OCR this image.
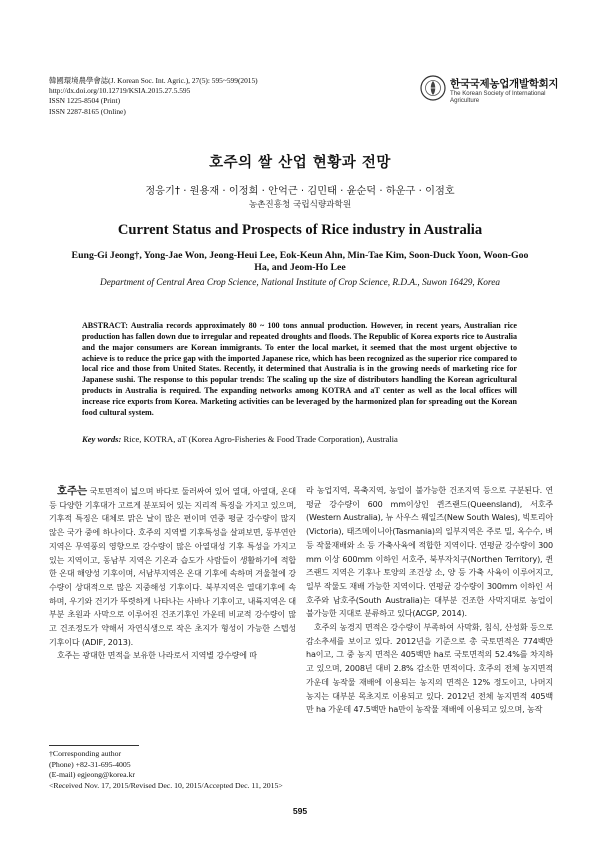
韓國環境農學會誌(J. Korean Soc. Int. Agric.), 27(5): 595~599(2015)
http://dx.doi.org/10.12719/KSIA.2015.27.5.595
ISSN 1225-8504 (Print)
ISSN 2287-8165 (Online)
한국국제농업개발학회지
The Korean Society of International Agriculture
호주의 쌀 산업 현황과 전망
정응기† · 원용재 · 이정희 · 안억근 · 김민태 · 윤순덕 · 하운구 · 이점호
농촌진흥청 국립식량과학원
Current Status and Prospects of Rice industry in Australia
Eung-Gi Jeong†, Yong-Jae Won, Jeong-Heui Lee, Eok-Keun Ahn, Min-Tae Kim, Soon-Duck Yoon, Woon-Goo Ha, and Jeom-Ho Lee
Department of Central Area Crop Science, National Institute of Crop Science, R.D.A., Suwon 16429, Korea
ABSTRACT: Australia records approximately 80 ~ 100 tons annual production. However, in recent years, Australian rice production has fallen down due to irregular and repeated droughts and floods. The Republic of Korea exports rice to Australia and the major consumers are Korean immigrants. To enter the local market, it seemed that the most urgent objective to achieve is to reduce the price gap with the imported Japanese rice, which has been recognized as the superior rice compared to local rice and those from United States. Recently, it determined that Australia is in the growing needs of marketing rice for Japanese sushi. The response to this popular trends: The scaling up the size of distributors handling the Korean agricultural products in Australia is required. The expanding networks among KOTRA and aT center as well as the local offices will increase rice exports from Korea. Marketing activities can be leveraged by the harmonized plan for spreading out the Korean food cultural system.
Key words: Rice, KOTRA, aT (Korea Agro-Fisheries & Food Trade Corporation), Australia

호주는 국토면적이 넓으며 바다로 둘러싸여 있어 열대, 아열대, 온대 등 다양한 기후대가 고르게 분포되어 있는 지리적 특징을 가지고 있으며, 기후적 특징은 대체로 맑은 날이 많은 편이며 연중 평균 강수량이 많지 않은 국가 중에 하나이다. 호주의 지역별 기후특성을 살펴보면, 동부연안 지역은 무역풍의 영향으로 강수량이 많은 아열대성 기후 특성을 가지고 있는 지역이고, 동남부 지역은 기온과 습도가 사람들이 생활하기에 적합한 온대 해양성 기후이며, 서남부지역은 온대 기후에 속하며 겨울철에 강수량이 상대적으로 많은 지중해성 기후이다. 북부지역은 열대기후에 속하며, 우기와 건기가 뚜렷하게 나타나는 사바나 기후이고, 내륙지역은 대부분 초원과 사막으로 이루어진 건조기후인 가운데 비교적 강수량이 많고 건조정도가 약해서 자연식생으로 작은 초지가 형성이 가능한 스텝성 기후이다 (ADIF, 2013).

호주는 광대한 면적을 보유한 나라로서 지역별 강수량에 따

라 농업지역, 목축지역, 농업이 불가능한 건조지역 등으로 구분된다. 연평균 강수량이 600 mm이상인 퀸즈랜드(Queensland), 서호주(Western Australia), 뉴 사우스 웨일즈(New South Wales), 빅토리아(Victoria), 태즈메이니아(Tasmania)의 일부지역은 주로 밀, 옥수수, 벼 등 작물재배와 소 등 가축사육에 적합한 지역이다. 연평균 강수량이 300 mm 이상 600mm 이하인 서호주, 북부자치구(Northen Territory), 퀸즈랜드 지역은 기후나 토양의 조건상 소, 양 등 가축 사육이 이루어지고, 일부 작물도 재배 가능한 지역이다. 연평균 강수량이 300mm 이하인 서호주와 남호주(South Australia)는 대부분 건조한 사막지대로 농업이 불가능한 지대로 분류하고 있다(ACGP, 2014).

호주의 농경지 면적은 강수량이 부족하여 사막화, 침식, 산성화 등으로 감소추세를 보이고 있다. 2012년을 기준으로 총 국토면적은 774백만 ha이고, 그 중 농지 면적은 405백만 ha로 국토면적의 52.4%를 차지하고 있으며, 2008년 대비 2.8% 감소한 면적이다. 호주의 전체 농지면적 가운데 농작물 재배에 이용되는 농지의 면적은 12% 정도이고, 나머지 농지는 대부분 목초지로 이용되고 있다. 2012년 전체 농지면적 405백만 ha 가운데 47.5백만 ha만이 농작물 재배에 이용되고 있으며, 농작

†Corresponding author
(Phone) +82-31-695-4005
(E-mail) egjeong@korea.kr
<Received Nov. 17, 2015/Revised Dec. 10, 2015/Accepted Dec. 11, 2015>
595
